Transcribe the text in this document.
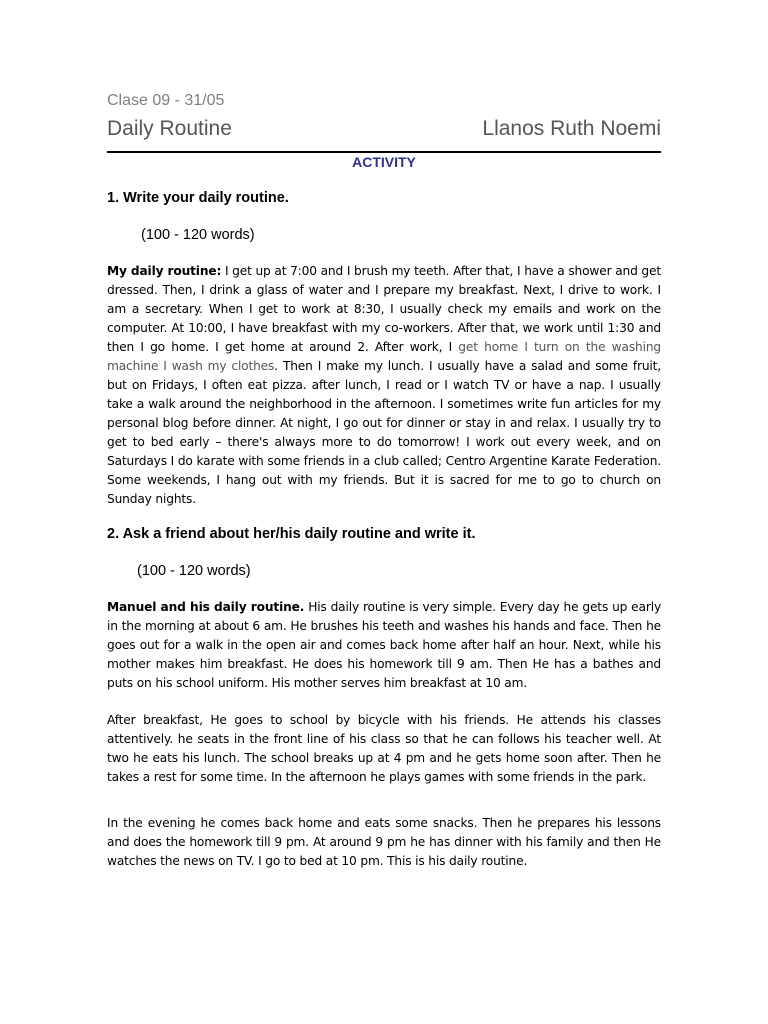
Clase 09 - 31/05
Daily Routine	Llanos Ruth Noemi
ACTIVITY
1. Write your daily routine.
(100 - 120 words)
My daily routine: I get up at 7:00 and I brush my teeth. After that, I have a shower and get dressed. Then, I drink a glass of water and I prepare my breakfast. Next, I drive to work. I am a secretary. When I get to work at 8:30, I usually check my emails and work on the computer. At 10:00, I have breakfast with my co-workers. After that, we work until 1:30 and then I go home. I get home at around 2. After work, I get home I turn on the washing machine I wash my clothes. Then I make my lunch. I usually have a salad and some fruit, but on Fridays, I often eat pizza. after lunch, I read or I watch TV or have a nap. I usually take a walk around the neighborhood in the afternoon. I sometimes write fun articles for my personal blog before dinner. At night, I go out for dinner or stay in and relax. I usually try to get to bed early – there's always more to do tomorrow! I work out every week, and on Saturdays I do karate with some friends in a club called; Centro Argentine Karate Federation. Some weekends, I hang out with my friends. But it is sacred for me to go to church on Sunday nights.
2. Ask a friend about her/his daily routine and write it.
(100 - 120 words)
Manuel and his daily routine. His daily routine is very simple. Every day he gets up early in the morning at about 6 am. He brushes his teeth and washes his hands and face. Then he goes out for a walk in the open air and comes back home after half an hour. Next, while his mother makes him breakfast. He does his homework till 9 am. Then He has a bathes and puts on his school uniform. His mother serves him breakfast at 10 am.
After breakfast, He goes to school by bicycle with his friends. He attends his classes attentively. he seats in the front line of his class so that he can follows his teacher well. At two he eats his lunch. The school breaks up at 4 pm and he gets home soon after. Then he takes a rest for some time. In the afternoon he plays games with some friends in the park.
In the evening he comes back home and eats some snacks. Then he prepares his lessons and does the homework till 9 pm. At around 9 pm he has dinner with his family and then He watches the news on TV. I go to bed at 10 pm. This is his daily routine.
